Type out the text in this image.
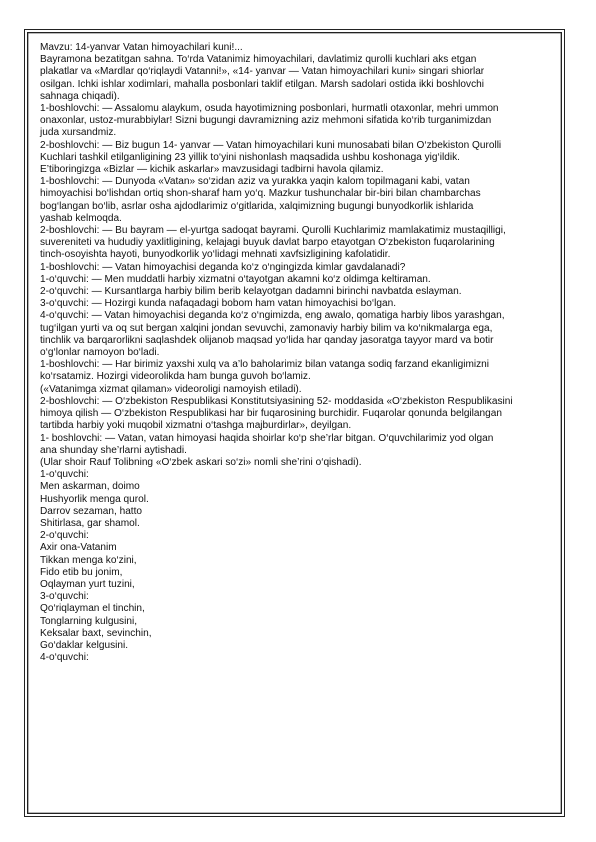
Mavzu: 14-yanvar Vatan himoyachilari kuni!...
Bayramona bezatitgan sahna. To‘rda Vatanimiz himoyachilari, davlatimiz qurolli kuchlari aks etgan
plakatlar va «Mardlar qo‘riqlaydi Vatanni!», «14- yanvar — Vatan himoyachilari kuni» singari shiorlar
osilgan. Ichki ishlar xodimlari, mahalla posbonlari taklif etilgan. Marsh sadolari ostida ikki boshlovchi
sahnaga chiqadi).
1-boshlovchi: — Assalomu alaykum, osuda hayotimizning posbonlari, hurmatli otaxonlar, mehri ummon
onaxonlar, ustoz-murabbiylar! Sizni bugungi davramizning aziz mehmoni sifatida ko‘rib turganimizdan
juda xursandmiz.
2-boshlovchi: — Biz bugun 14- yanvar — Vatan himoyachilari kuni munosabati bilan O‘zbekiston Qurolli
Kuchlari tashkil etilganligining 23 yillik to‘yini nishonlash maqsadida ushbu koshonaga yig‘ildik.
E’tiboringizga «Bizlar — kichik askarlar» mavzusidagi tadbirni havola qilamiz.
1-boshlovchi: — Dunyoda «Vatan» so‘zidan aziz va yurakka yaqin kalom topilmagani kabi, vatan
himoyachisi bo‘lishdan ortiq shon-sharaf ham yo‘q. Mazkur tushunchalar bir-biri bilan chambarchas
bog‘langan bo‘lib, asrlar osha ajdodlarimiz o‘gitlarida, xalqimizning bugungi bunyodkorlik ishlarida
yashab kelmoqda.
2-boshlovchi: — Bu bayram — el-yurtga sadoqat bayrami. Qurolli Kuchlarimiz mamlakatimiz mustaqilligi,
suvereniteti va hududiy yaxlitligining, kelajagi buyuk davlat barpo etayotgan O‘zbekiston fuqarolarining
tinch-osoyishta hayoti, bunyodkorlik yo‘lidagi mehnati xavfsizligining kafolatidir.
1-boshlovchi: — Vatan himoyachisi deganda ko‘z o‘ngingizda kimlar gavdalanadi?
1-o‘quvchi: — Men muddatli harbiy xizmatni o‘tayotgan akamni ko‘z oldimga keltiraman.
2-o‘quvchi: — Kursantlarga harbiy bilim berib kelayotgan dadamni birinchi navbatda eslayman.
3-o‘quvchi: — Hozirgi kunda nafaqadagi bobom ham vatan himoyachisi bo‘lgan.
4-o‘quvchi: — Vatan himoyachisi deganda ko‘z o‘ngimizda, eng awalo, qomatiga harbiy libos yarashgan,
tug‘ilgan yurti va oq sut bergan xalqini jondan sevuvchi, zamonaviy harbiy bilim va ko‘nikmalarga ega,
tinchlik va barqarorlikni saqlashdek olijanob maqsad yo‘lida har qanday jasoratga tayyor mard va botir
o‘g‘lonlar namoyon bo‘ladi.
1-boshlovchi: — Har birimiz yaxshi xulq va a’lo baholarimiz bilan vatanga sodiq farzand ekanligimizni
ko‘rsatamiz. Hozirgi videorolikda ham bunga guvoh bo‘lamiz.
(«Vatanimga xizmat qilaman» videoroligi namoyish etiladi).
2-boshlovchi: — O‘zbekiston Respublikasi Konstitutsiyasining 52- moddasida «O‘zbekiston Respublikasini
himoya qilish — O‘zbekiston Respublikasi har bir fuqarosining burchidir. Fuqarolar qonunda belgilangan
tartibda harbiy yoki muqobil xizmatni o‘tashga majburdirlar», deyilgan.
1- boshlovchi: — Vatan, vatan himoyasi haqida shoirlar ko‘p she’rlar bitgan. O‘quvchilarimiz yod olgan
ana shunday she’rlarni aytishadi.
(Ular shoir Rauf Tolibning «O‘zbek askari so‘zi» nomli she’rini o‘qishadi).
1-o‘quvchi:
Men askarman, doimo
Hushyorlik menga qurol.
Darrov sezaman, hatto
Shitirlasa, gar shamol.
2-o‘quvchi:
Axir ona-Vatanim
Tikkan menga ko‘zini,
Fido etib bu jonim,
Oqlayman yurt tuzini,
3-o‘quvchi:
Qo‘riqlayman el tinchin,
Tonglarning kulgusini,
Keksalar baxt, sevinchin,
Go‘daklar kelgusini.
4-o‘quvchi:
